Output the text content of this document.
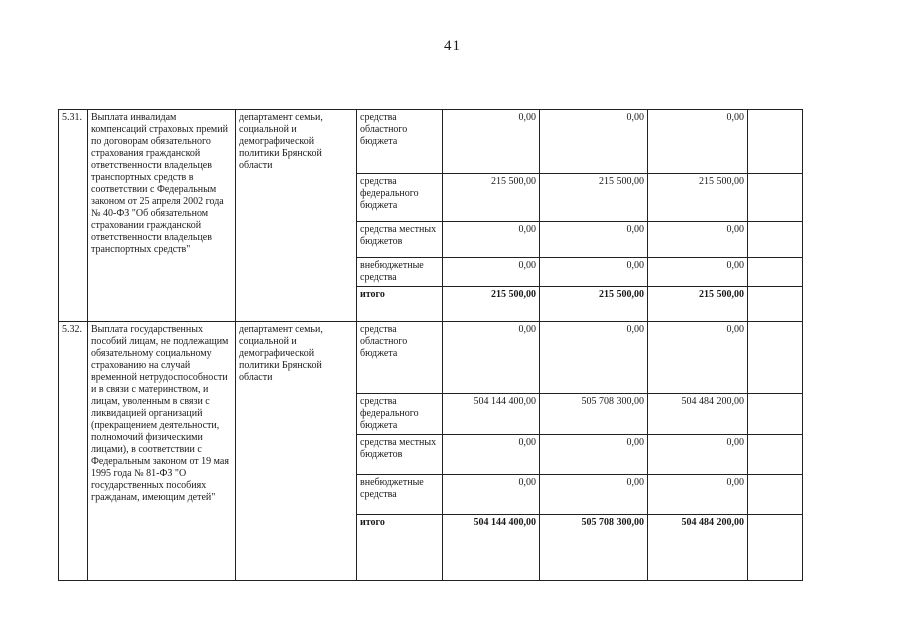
41
5.31.	Выплата инвалидам компенсаций страховых премий по договорам обязательного страхования гражданской ответственности владельцев транспортных средств в соответствии с Федеральным законом от 25 апреля 2002 года № 40-ФЗ "Об обязательном страховании гражданской ответственности владельцев транспортных средств"	департамент семьи, социальной и демографической политики Брянской области	средства областного бюджета	0,00	0,00	0,00	
			средства федерального бюджета	215 500,00	215 500,00	215 500,00	
			средства местных бюджетов	0,00	0,00	0,00	
			внебюджетные средства	0,00	0,00	0,00	
			итого	215 500,00	215 500,00	215 500,00	
5.32.	Выплата государственных пособий лицам, не подлежащим обязательному социальному страхованию на случай временной нетрудоспособности и в связи с материнством, и лицам, уволенным в связи с ликвидацией организаций (прекращением деятельности, полномочий физическими лицами), в соответствии с Федеральным законом от 19 мая 1995 года № 81-ФЗ "О государственных пособиях гражданам, имеющим детей"	департамент семьи, социальной и демографической политики Брянской области	средства областного бюджета	0,00	0,00	0,00	
			средства федерального бюджета	504 144 400,00	505 708 300,00	504 484 200,00	
			средства местных бюджетов	0,00	0,00	0,00	
			внебюджетные средства	0,00	0,00	0,00	
			итого	504 144 400,00	505 708 300,00	504 484 200,00	
